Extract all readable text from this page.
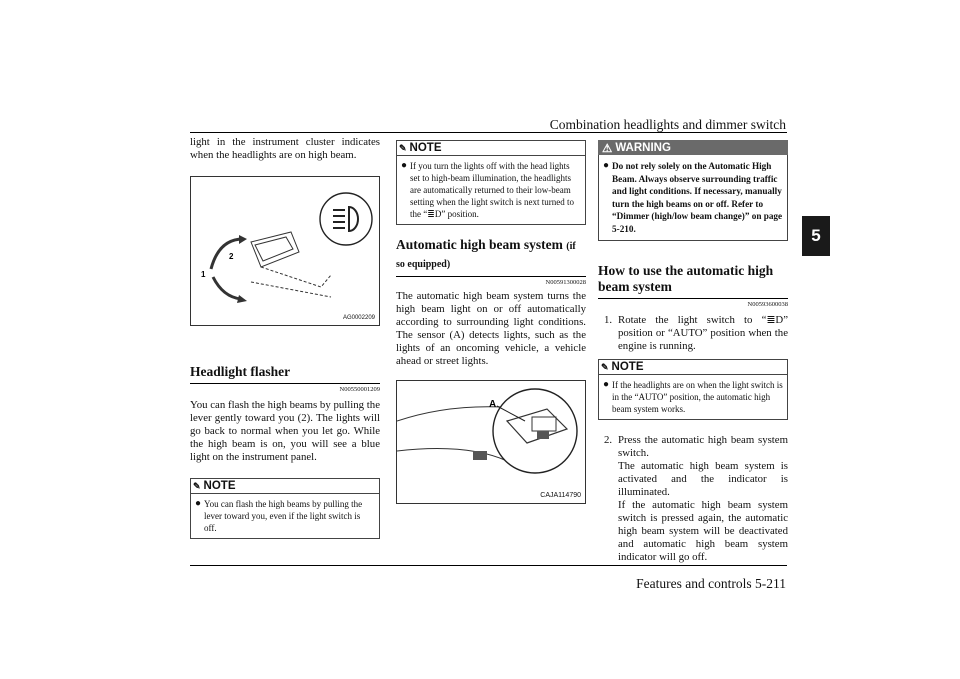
Combination headlights and dimmer switch
5

light in the instrument cluster indicates when the headlights are on high beam.

1
2
AG0002209
Headlight flasher
N00550001209

You can flash the high beams by pulling the lever gently toward you (2). The lights will go back to normal when you let go. While the high beam is on, you will see a blue light on the instrument panel.

✎ NOTE
● You can flash the high beams by pulling the lever toward you, even if the light switch is off.
✎ NOTE
● If you turn the lights off with the head lights set to high-beam illumination, the headlights are automatically returned to their low-beam setting when the light switch is next turned to the “≣D” position.
Automatic high beam system (if so equipped)
N00591300028

The automatic high beam system turns the high beam light on or off automatically according to surrounding light conditions. The sensor (A) detects lights, such as the lights of an oncoming vehicle, a vehicle ahead or street lights.

A
CAJA114790
⚠ WARNING
● Do not rely solely on the Automatic High Beam. Always observe surrounding traffic and light conditions. If necessary, manually turn the high beams on or off. Refer to “Dimmer (high/low beam change)” on page 5-210.
How to use the automatic high beam system
N00593600038
1. Rotate the light switch to “≣D” position or “AUTO” position when the engine is running.
✎ NOTE
● If the headlights are on when the light switch is in the “AUTO” position, the automatic high beam system works.
2. Press the automatic high beam system switch.
The automatic high beam system is activated and the indicator is illuminated.
If the automatic high beam system switch is pressed again, the automatic high beam system will be deactivated and automatic high beam system indicator will go off.
Features and controls 5-211
